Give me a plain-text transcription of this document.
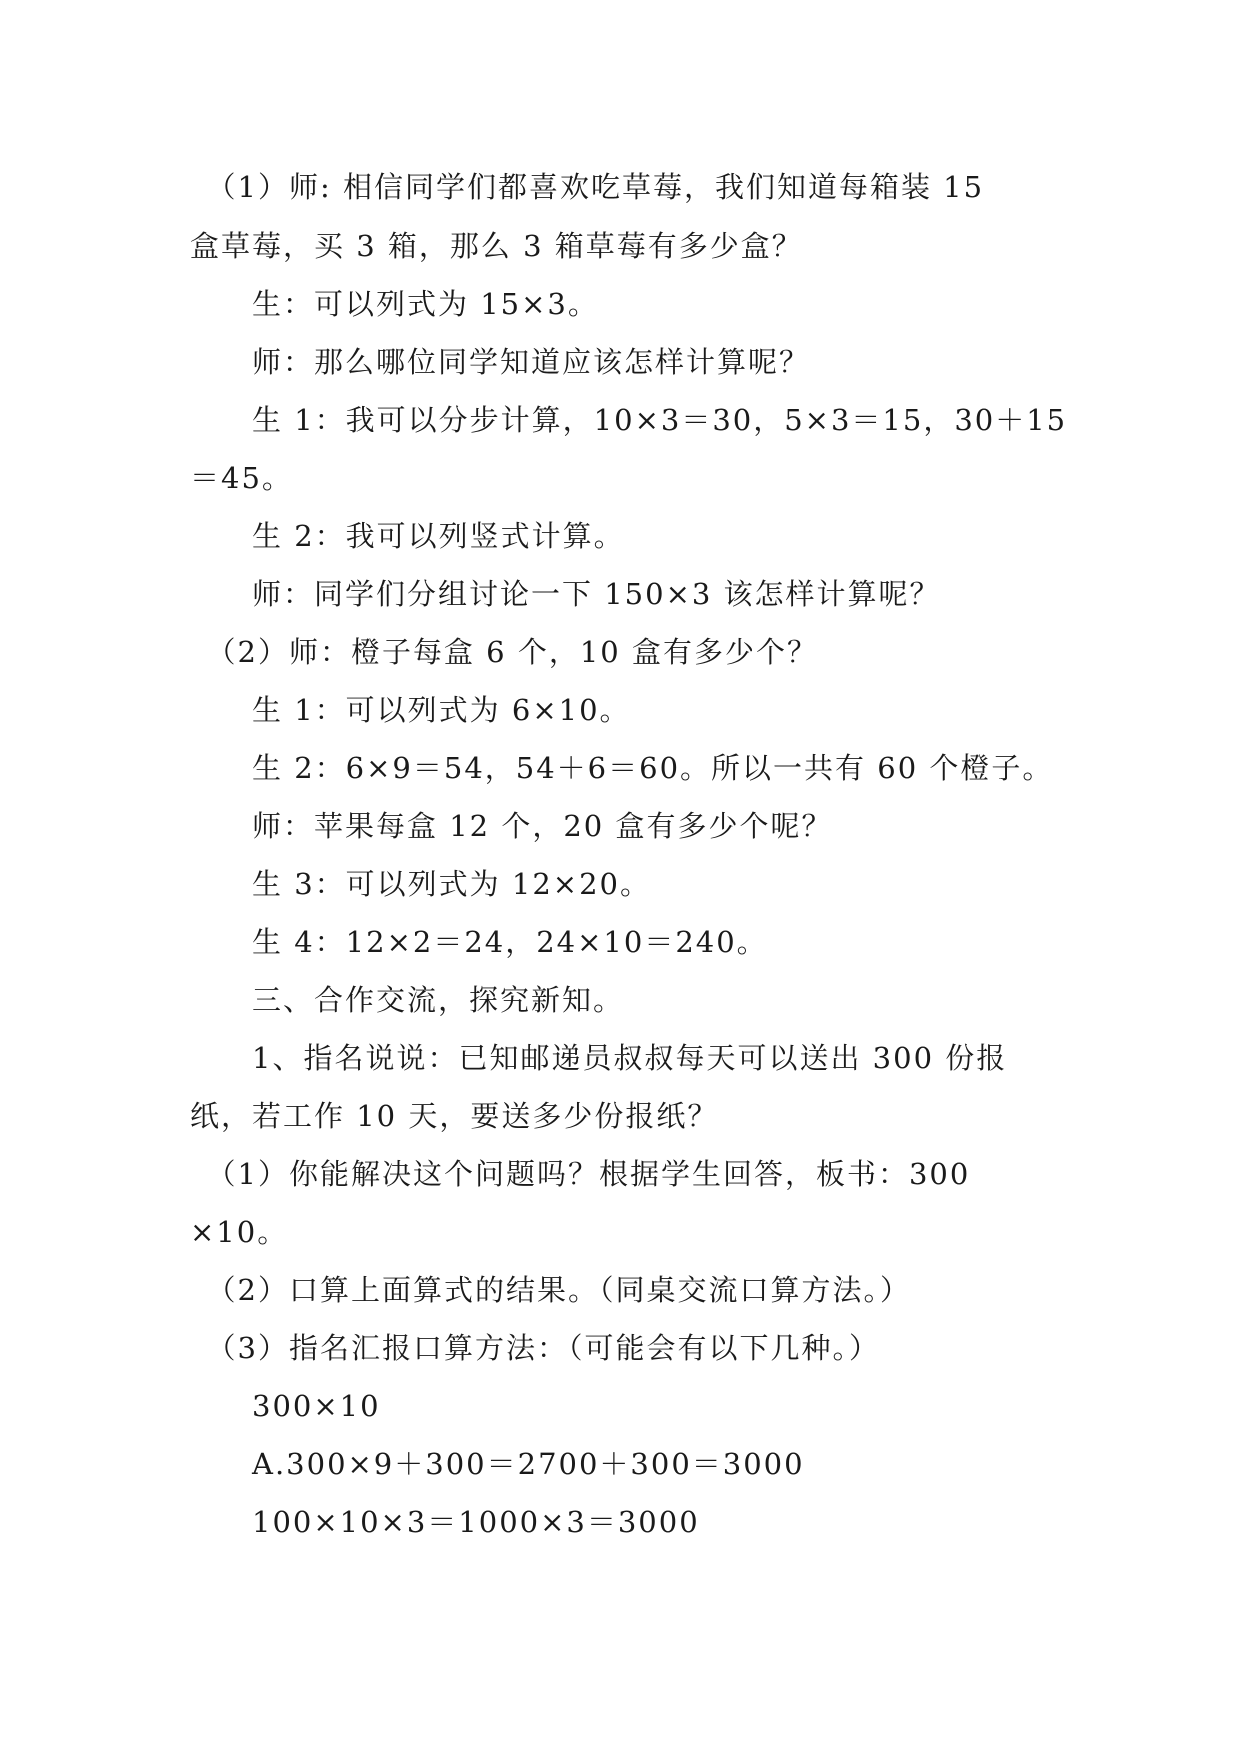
　（1）师: 相信同学们都喜欢吃草莓，我们知道每箱装 15
盒草莓，买 3 箱，那么 3 箱草莓有多少盒？
　　生：可以列式为 15×3。
　　师：那么哪位同学知道应该怎样计算呢？
　　生 1：我可以分步计算，10×3＝30，5×3＝15，30＋15
＝45。
　　生 2：我可以列竖式计算。
　　师：同学们分组讨论一下 150×3 该怎样计算呢？
　（2）师：橙子每盒 6 个，10 盒有多少个？
　　生 1：可以列式为 6×10。
　　生 2：6×9＝54，54＋6＝60。所以一共有 60 个橙子。
　　师：苹果每盒 12 个，20 盒有多少个呢？
　　生 3：可以列式为 12×20。
　　生 4：12×2＝24，24×10＝240。
　　三、合作交流，探究新知。
　　1、指名说说：已知邮递员叔叔每天可以送出 300 份报
纸，若工作 10 天，要送多少份报纸？
　（1）你能解决这个问题吗？根据学生回答，板书：300
×10。
　（2）口算上面算式的结果。（同桌交流口算方法。）
　（3）指名汇报口算方法：（可能会有以下几种。）
　　300×10
　　A.300×9＋300＝2700＋300＝3000
　　100×10×3＝1000×3＝3000
